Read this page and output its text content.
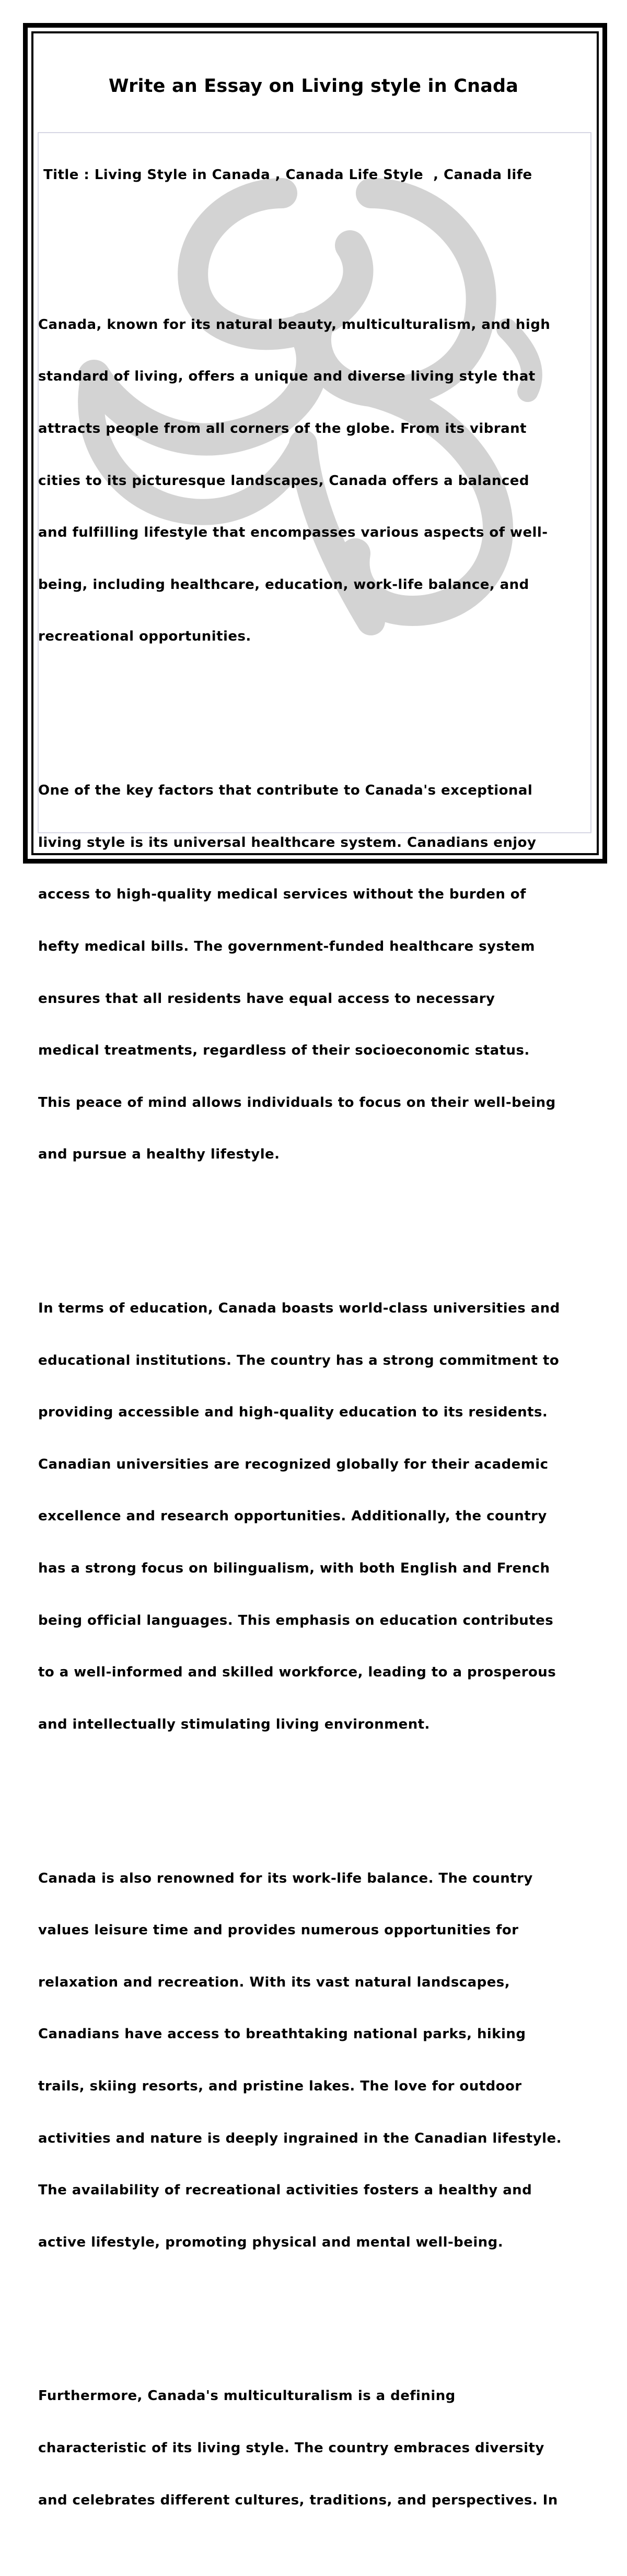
Write an Essay on Living style in Cnada

Title : Living Style in Canada , Canada Life Style  , Canada life

Canada, known for its natural beauty, multiculturalism, and high

standard of living, offers a unique and diverse living style that

attracts people from all corners of the globe. From its vibrant

cities to its picturesque landscapes, Canada offers a balanced

and fulfilling lifestyle that encompasses various aspects of well-

being, including healthcare, education, work-life balance, and

recreational opportunities.

One of the key factors that contribute to Canada's exceptional

living style is its universal healthcare system. Canadians enjoy

access to high-quality medical services without the burden of

hefty medical bills. The government-funded healthcare system

ensures that all residents have equal access to necessary

medical treatments, regardless of their socioeconomic status.

This peace of mind allows individuals to focus on their well-being

and pursue a healthy lifestyle.

In terms of education, Canada boasts world-class universities and

educational institutions. The country has a strong commitment to

providing accessible and high-quality education to its residents.

Canadian universities are recognized globally for their academic

excellence and research opportunities. Additionally, the country

has a strong focus on bilingualism, with both English and French

being official languages. This emphasis on education contributes

to a well-informed and skilled workforce, leading to a prosperous

and intellectually stimulating living environment.

Canada is also renowned for its work-life balance. The country

values leisure time and provides numerous opportunities for

relaxation and recreation. With its vast natural landscapes,

Canadians have access to breathtaking national parks, hiking

trails, skiing resorts, and pristine lakes. The love for outdoor

activities and nature is deeply ingrained in the Canadian lifestyle.

The availability of recreational activities fosters a healthy and

active lifestyle, promoting physical and mental well-being.

Furthermore, Canada's multiculturalism is a defining

characteristic of its living style. The country embraces diversity

and celebrates different cultures, traditions, and perspectives. In
